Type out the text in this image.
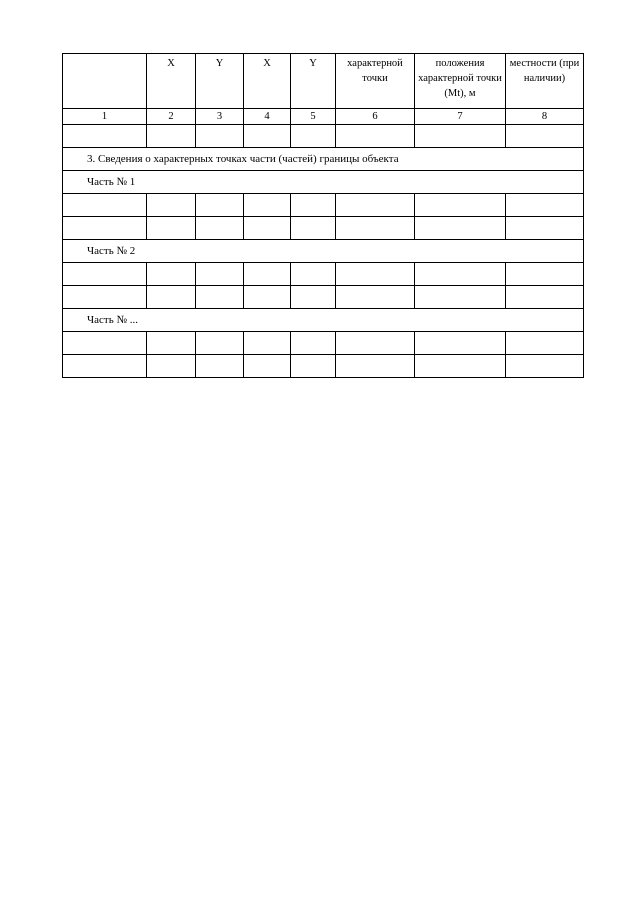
	X	Y	X	Y	характерной точки	положения характерной точки (Mt), м	местности (при наличии)
1	2	3	4	5	6	7	8

3. Сведения о характерных точках части (частей) границы объекта							
Часть № 1							

Часть № 2							

Часть № ...							
